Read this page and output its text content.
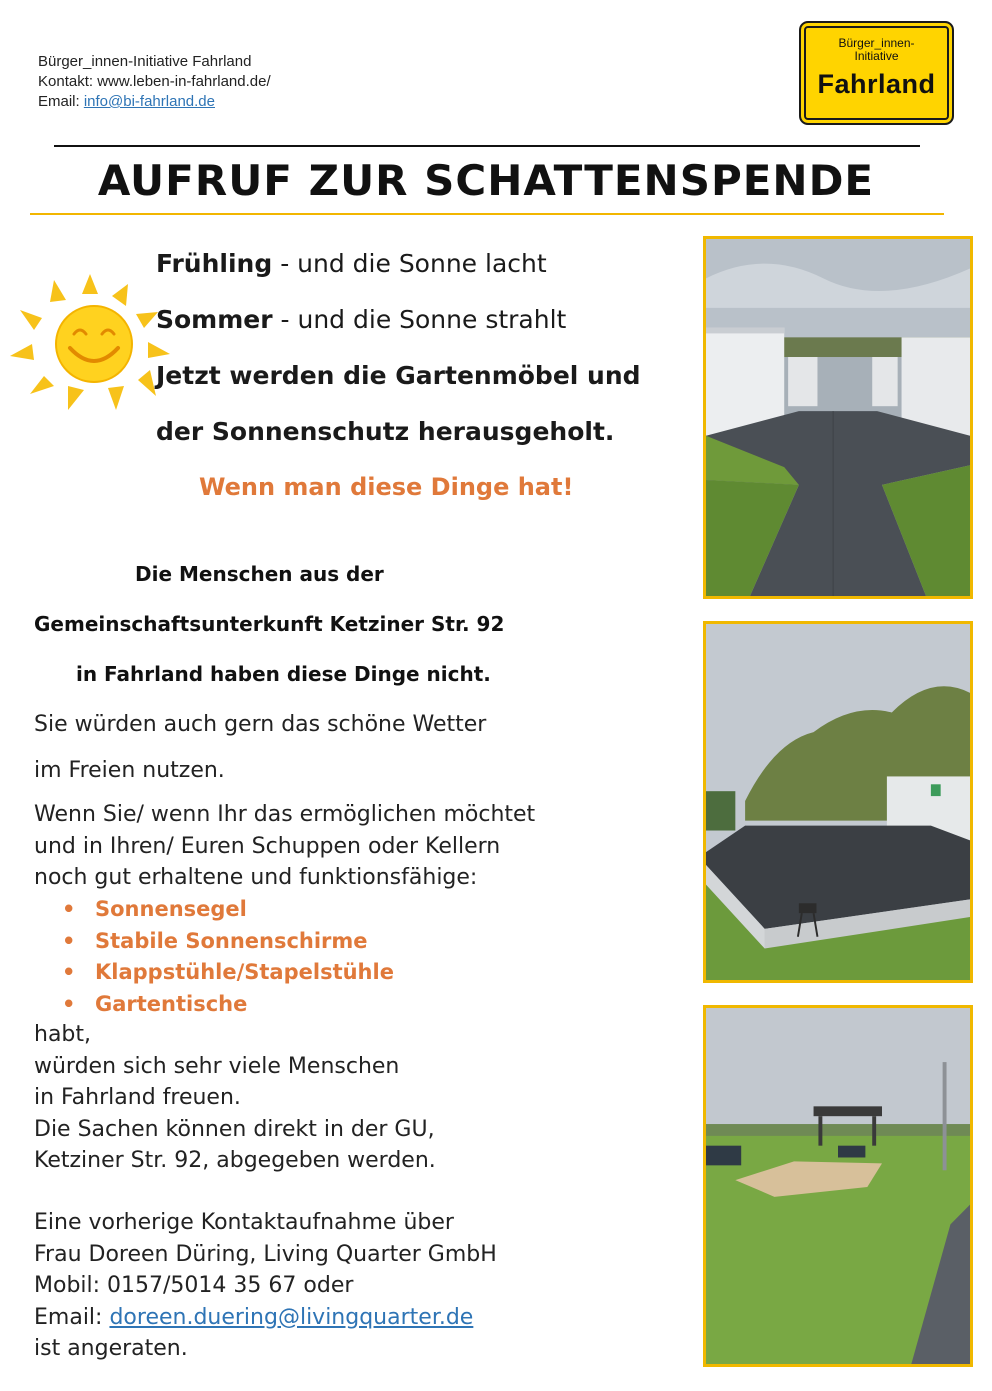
Bürger_innen-Initiative Fahrland
Kontakt: www.leben-in-fahrland.de/
Email: info@bi-fahrland.de
Bürger_innen-
Initiative
Fahrland
AUFRUF ZUR SCHATTENSPENDE
Frühling - und die Sonne lacht
Sommer - und die Sonne strahlt
Jetzt werden die Gartenmöbel und
der Sonnenschutz herausgeholt.
Wenn man diese Dinge hat!
Die Menschen aus der
Gemeinschaftsunterkunft Ketziner Str. 92
in Fahrland haben diese Dinge nicht.
Sie würden auch gern das schöne Wetter
im Freien nutzen.
Wenn Sie/ wenn Ihr das ermöglichen möchtet
und in Ihren/ Euren Schuppen oder Kellern
noch gut erhaltene und funktionsfähige:
• Sonnensegel
• Stabile Sonnenschirme
• Klappstühle/Stapelstühle
• Gartentische
habt,
würden sich sehr viele Menschen
in Fahrland freuen.
Die Sachen können direkt in der GU,
Ketziner Str. 92, abgegeben werden.
Eine vorherige Kontaktaufnahme über
Frau Doreen Düring, Living Quarter GmbH
Mobil: 0157/5014 35 67 oder
Email: doreen.duering@livingquarter.de
ist angeraten.
